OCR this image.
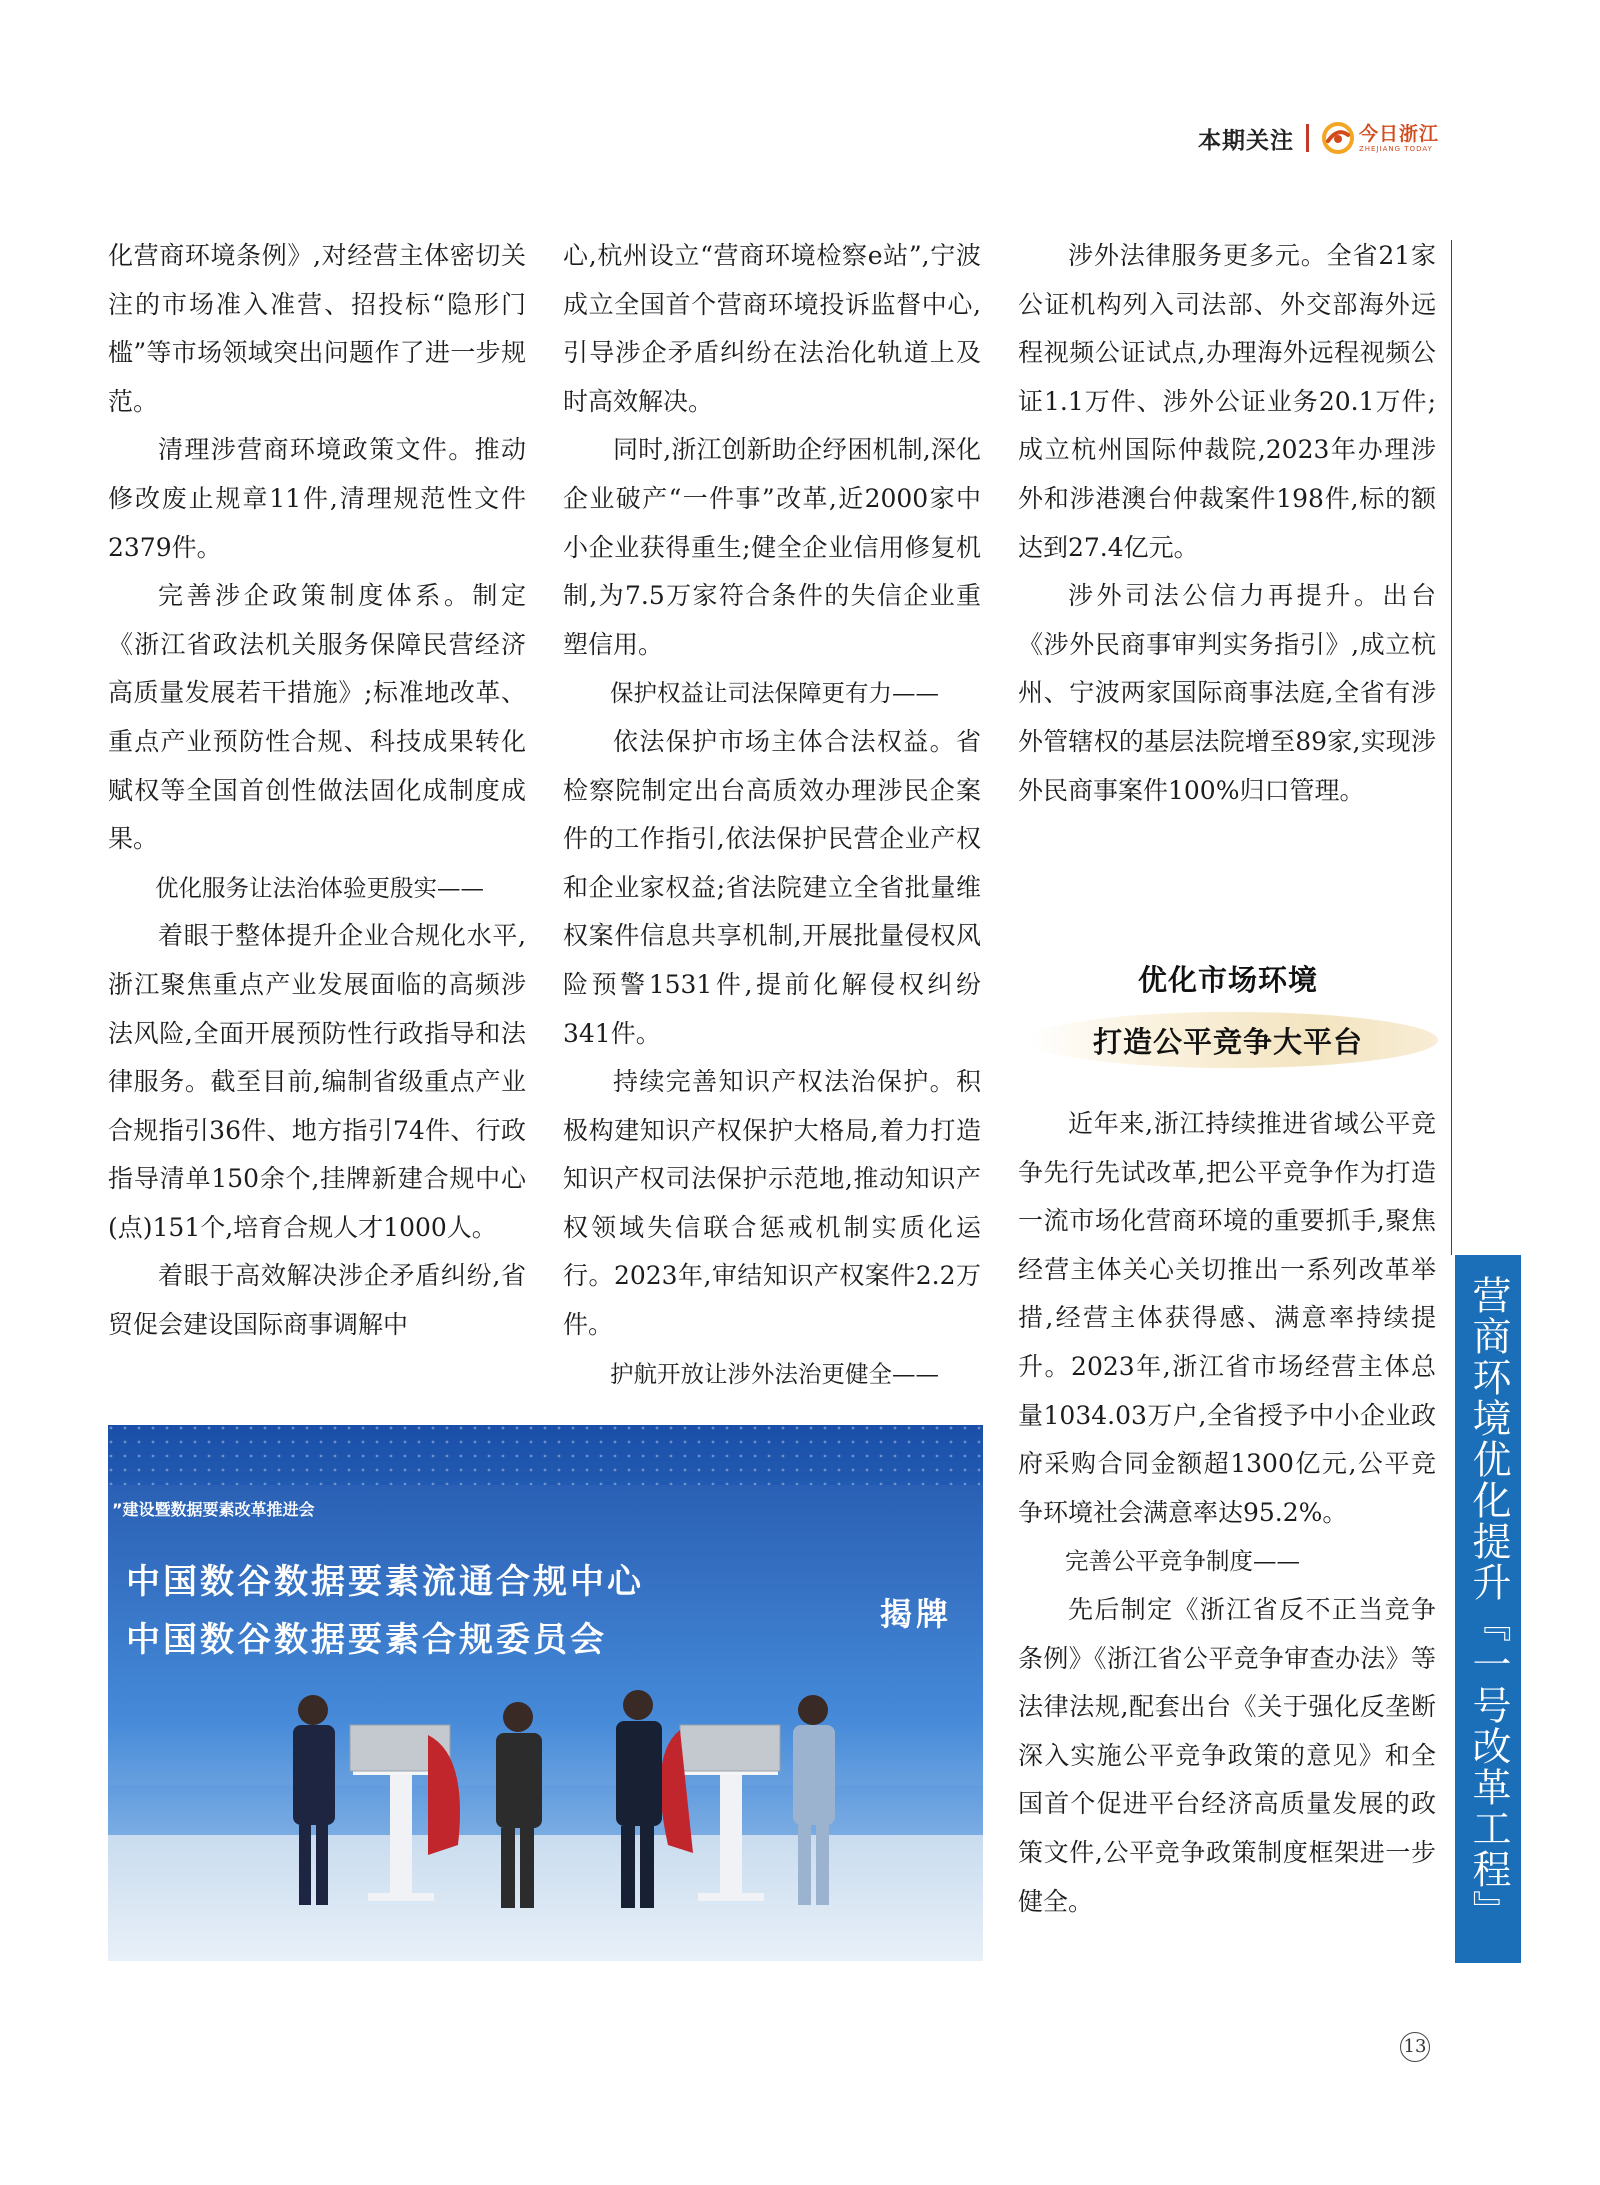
本期关注	今日浙江
ZHEJIANG TODAY

化营商环境条例》,对经营主体密切关注的市场准入准营、招投标“隐形门槛”等市场领域突出问题作了进一步规范。

清理涉营商环境政策文件。推动修改废止规章11件,清理规范性文件2379件。

完善涉企政策制度体系。制定《浙江省政法机关服务保障民营经济高质量发展若干措施》;标准地改革、重点产业预防性合规、科技成果转化赋权等全国首创性做法固化成制度成果。

优化服务让法治体验更殷实——

着眼于整体提升企业合规化水平,浙江聚焦重点产业发展面临的高频涉法风险,全面开展预防性行政指导和法律服务。截至目前,编制省级重点产业合规指引36件、地方指引74件、行政指导清单150余个,挂牌新建合规中心(点)151个,培育合规人才1000人。

着眼于高效解决涉企矛盾纠纷,省贸促会建设国际商事调解中

心,杭州设立“营商环境检察e站”,宁波成立全国首个营商环境投诉监督中心,引导涉企矛盾纠纷在法治化轨道上及时高效解决。

同时,浙江创新助企纾困机制,深化企业破产“一件事”改革,近2000家中小企业获得重生;健全企业信用修复机制,为7.5万家符合条件的失信企业重塑信用。

保护权益让司法保障更有力——

依法保护市场主体合法权益。省检察院制定出台高质效办理涉民企案件的工作指引,依法保护民营企业产权和企业家权益;省法院建立全省批量维权案件信息共享机制,开展批量侵权风险预警1531件,提前化解侵权纠纷341件。

持续完善知识产权法治保护。积极构建知识产权保护大格局,着力打造知识产权司法保护示范地,推动知识产权领域失信联合惩戒机制实质化运行。2023年,审结知识产权案件2.2万件。

护航开放让涉外法治更健全——

涉外法律服务更多元。全省21家公证机构列入司法部、外交部海外远程视频公证试点,办理海外远程视频公证1.1万件、涉外公证业务20.1万件;成立杭州国际仲裁院,2023年办理涉外和涉港澳台仲裁案件198件,标的额达到27.4亿元。

涉外司法公信力再提升。出台《涉外民商事审判实务指引》,成立杭州、宁波两家国际商事法庭,全省有涉外管辖权的基层法院增至89家,实现涉外民商事案件100%归口管理。

优化市场环境
打造公平竞争大平台

近年来,浙江持续推进省域公平竞争先行先试改革,把公平竞争作为打造一流市场化营商环境的重要抓手,聚焦经营主体关心关切推出一系列改革举措,经营主体获得感、满意率持续提升。2023年,浙江省市场经营主体总量1034.03万户,全省授予中小企业政府采购合同金额超1300亿元,公平竞争环境社会满意率达95.2%。

完善公平竞争制度——

先后制定《浙江省反不正当竞争条例》《浙江省公平竞争审查办法》等法律法规,配套出台《关于强化反垄断深入实施公平竞争政策的意见》和全国首个促进平台经济高质量发展的政策文件,公平竞争政策制度框架进一步健全。	营商环境优化提升『一号改革工程』
”建设暨数据要素改革推进会
中国数谷数据要素流通合规中心
中国数谷数据要素合规委员会
揭牌
13
